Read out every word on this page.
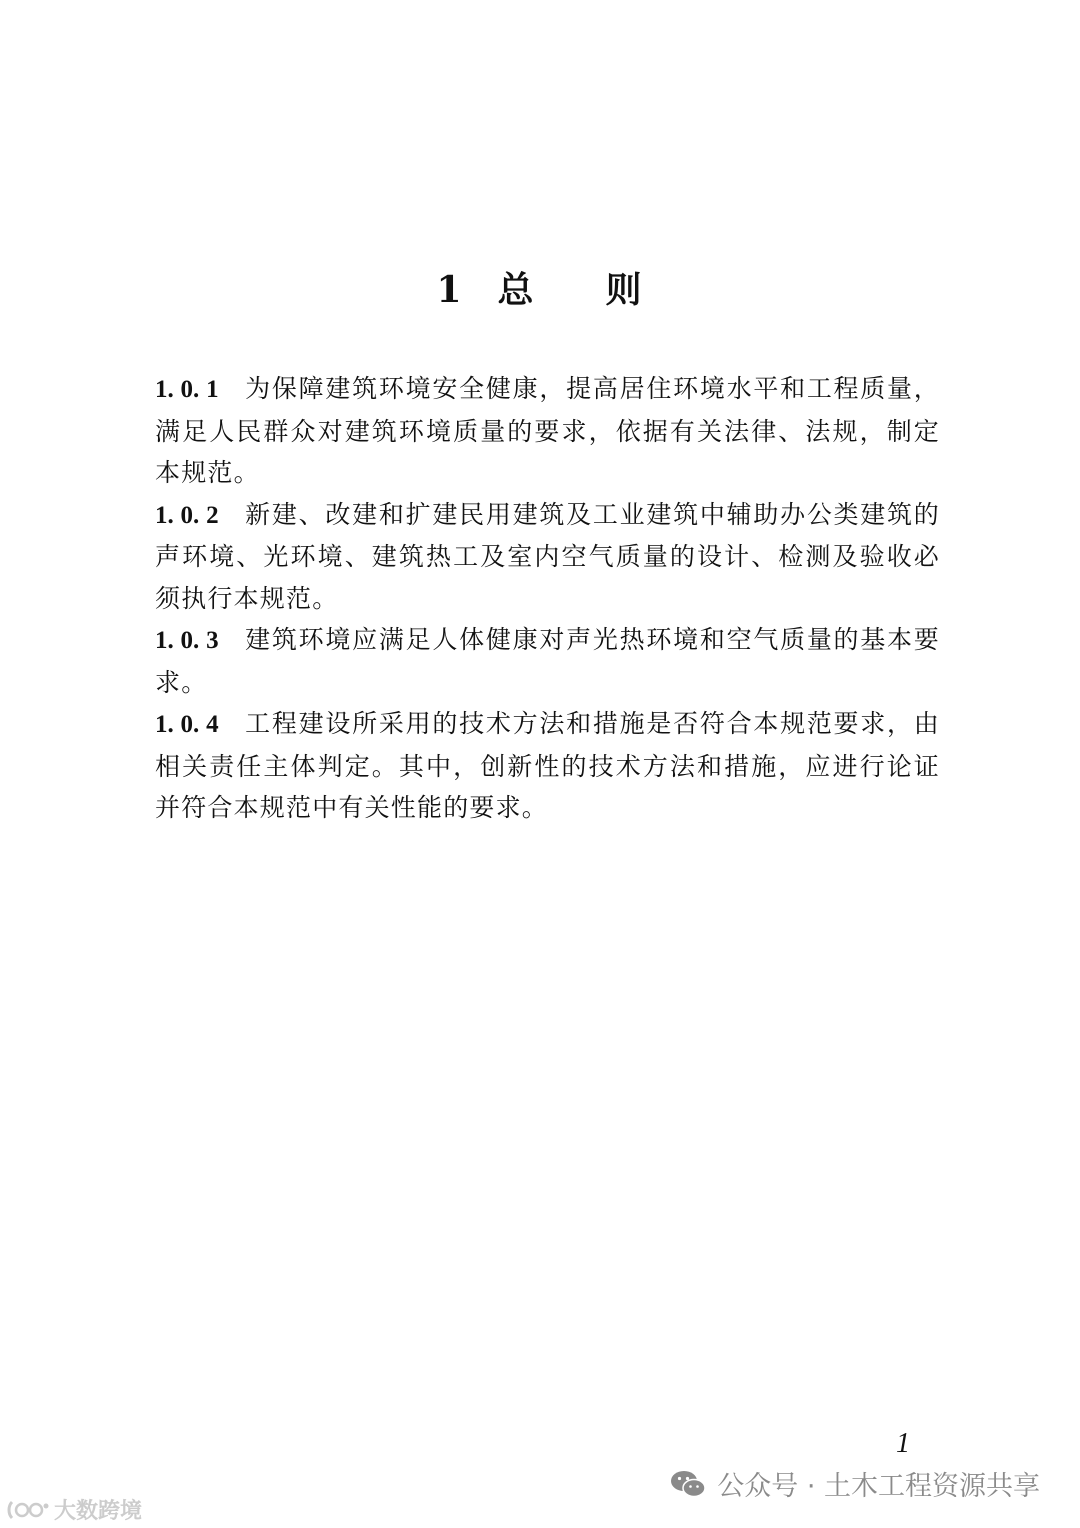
1 总 则

1. 0. 1 为保障建筑环境安全健康，提高居住环境水平和工程质量，满足人民群众对建筑环境质量的要求，依据有关法律、法规，制定本规范。

1. 0. 2 新建、改建和扩建民用建筑及工业建筑中辅助办公类建筑的声环境、光环境、建筑热工及室内空气质量的设计、检测及验收必须执行本规范。

1. 0. 3 建筑环境应满足人体健康对声光热环境和空气质量的基本要求。

1. 0. 4 工程建设所采用的技术方法和措施是否符合本规范要求，由相关责任主体判定。其中，创新性的技术方法和措施，应进行论证并符合本规范中有关性能的要求。

1
公众号 · 土木工程资源共享
大数跨境
